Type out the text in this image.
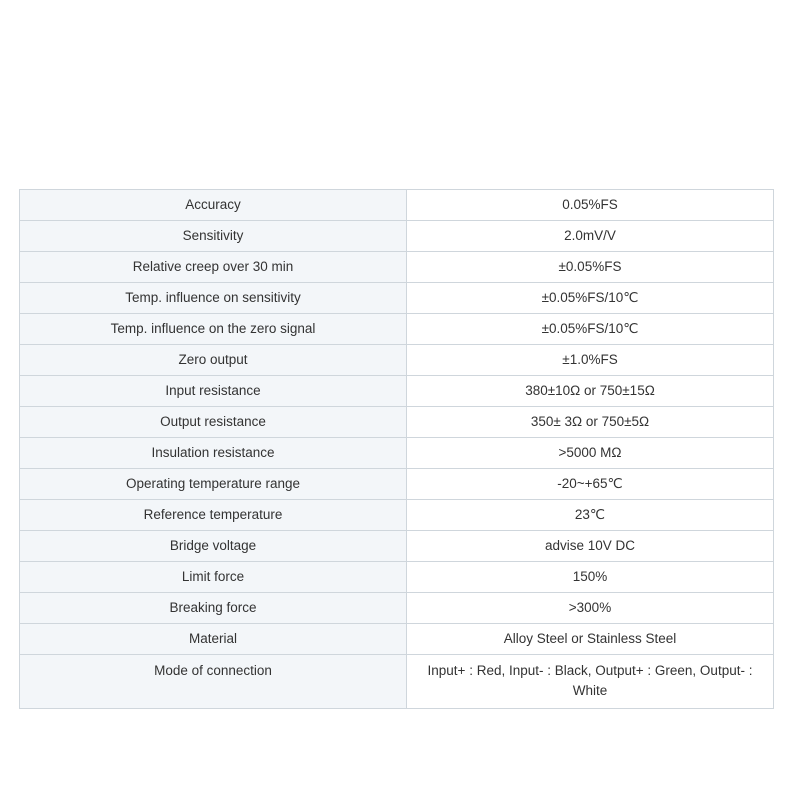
Accuracy	0.05%FS
Sensitivity	2.0mV/V
Relative creep over 30 min	±0.05%FS
Temp. influence on sensitivity	±0.05%FS/10℃
Temp. influence on the zero signal	±0.05%FS/10℃
Zero output	±1.0%FS
Input resistance	380±10Ω or 750±15Ω
Output resistance	350± 3Ω or 750±5Ω
Insulation resistance	>5000 MΩ
Operating temperature range	-20~+65℃
Reference temperature	23℃
Bridge voltage	advise 10V DC
Limit force	150%
Breaking force	>300%
Material	Alloy Steel or Stainless Steel
Mode of connection	Input+ : Red, Input- : Black, Output+ : Green, Output- : White
